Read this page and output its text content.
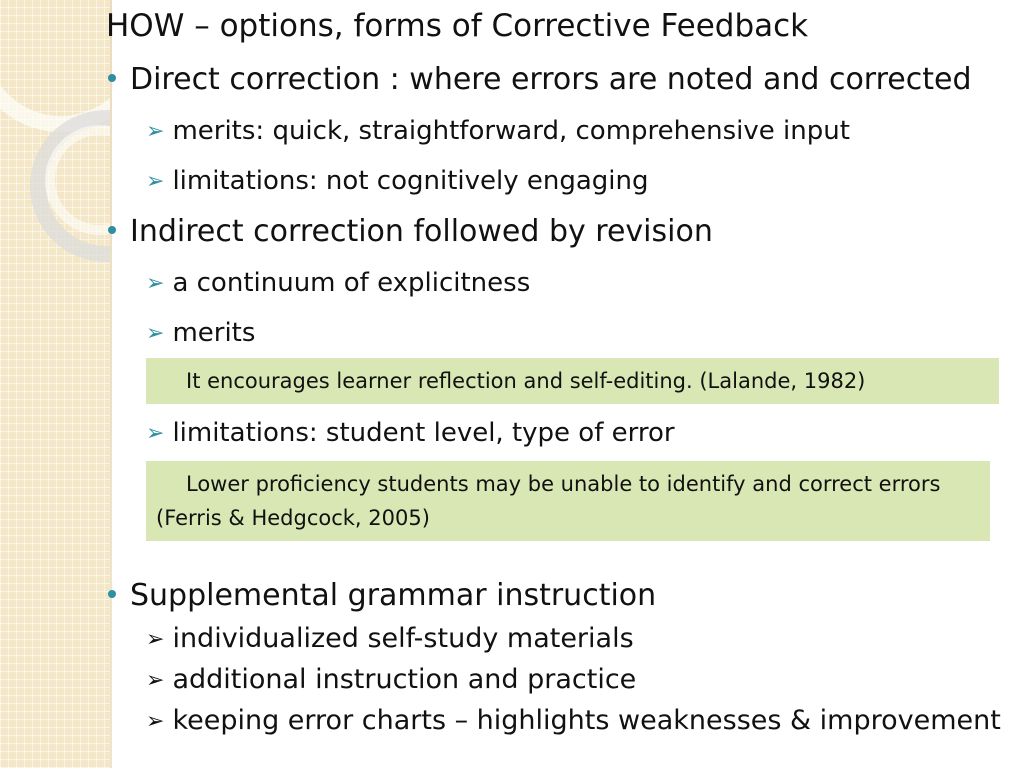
HOW – options, forms of Corrective Feedback
Direct correction : where errors are noted and corrected
➢ merits: quick, straightforward, comprehensive input
➢ limitations: not cognitively engaging
Indirect correction followed by revision
➢ a continuum of explicitness
➢ merits
It encourages learner reflection and self-editing. (Lalande, 1982)
➢ limitations: student level, type of error
Lower proficiency students may be unable to identify and correct errors (Ferris & Hedgcock, 2005)
Supplemental grammar instruction
➢ individualized self-study materials
➢ additional instruction and practice
➢ keeping error charts – highlights weaknesses & improvement
